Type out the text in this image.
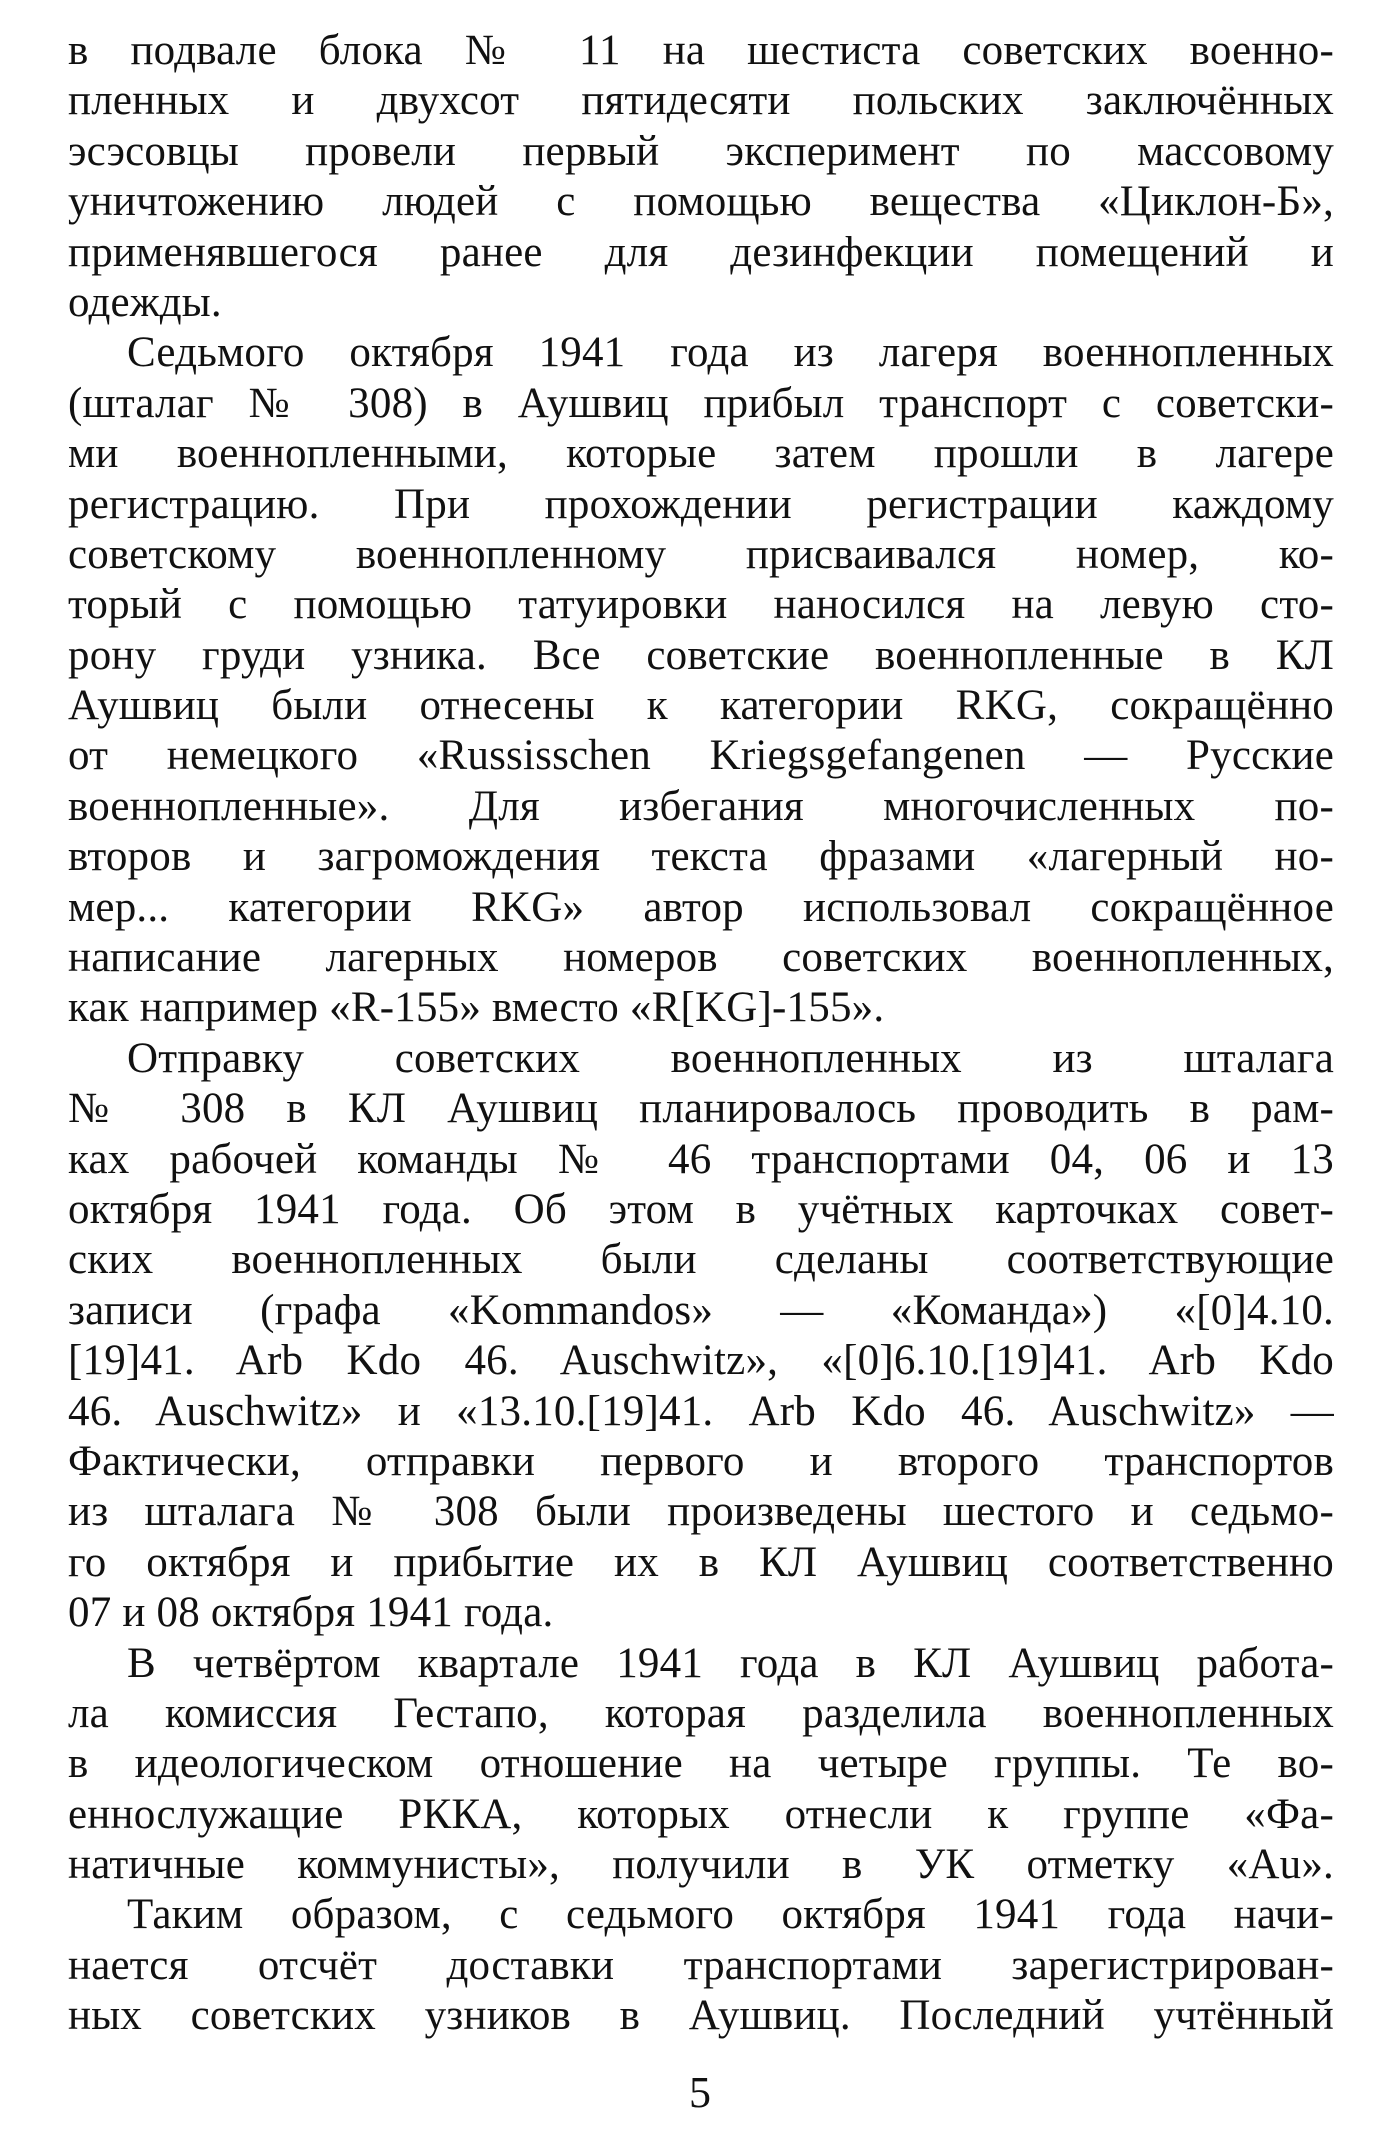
в подвале блока № 11 на шестиста советских военно-
пленных и двухсот пятидесяти польских заключённых
эсэсовцы провели первый эксперимент по массовому
уничтожению людей с помощью вещества «Циклон-Б»,
применявшегося ранее для дезинфекции помещений и
одежды.
Седьмого октября 1941 года из лагеря военнопленных
(шталаг № 308) в Аушвиц прибыл транспорт с советски-
ми военнопленными, которые затем прошли в лагере
регистрацию. При прохождении регистрации каждому
советскому военнопленному присваивался номер, ко-
торый с помощью татуировки наносился на левую сто-
рону груди узника. Все советские военнопленные в КЛ
Аушвиц были отнесены к категории RKG, сокращённо
от немецкого «Russisschen Kriegsgefangenen — Русские
военнопленные». Для избегания многочисленных по-
второв и загромождения текста фразами «лагерный но-
мер... категории RKG» автор использовал сокращённое
написание лагерных номеров советских военнопленных,
как например «R-155» вместо «R[KG]-155».
Отправку советских военнопленных из шталага
№ 308 в КЛ Аушвиц планировалось проводить в рам-
ках рабочей команды № 46 транспортами 04, 06 и 13
октября 1941 года. Об этом в учётных карточках совет-
ских военнопленных были сделаны соответствующие
записи (графа «Kommandos» — «Команда») «[0]4.10.
[19]41. Arb Kdo 46. Auschwitz», «[0]6.10.[19]41. Arb Kdo
46. Auschwitz» и «13.10.[19]41. Arb Kdo 46. Auschwitz» —
Фактически, отправки первого и второго транспортов
из шталага № 308 были произведены шестого и седьмо-
го октября и прибытие их в КЛ Аушвиц соответственно
07 и 08 октября 1941 года.
В четвёртом квартале 1941 года в КЛ Аушвиц работа-
ла комиссия Гестапо, которая разделила военнопленных
в идеологическом отношение на четыре группы. Те во-
еннослужащие РККА, которых отнесли к группе «Фа-
натичные коммунисты», получили в УК отметку «Au».
Таким образом, с седьмого октября 1941 года начи-
нается отсчёт доставки транспортами зарегистрирован-
ных советских узников в Аушвиц. Последний учтённый
5
